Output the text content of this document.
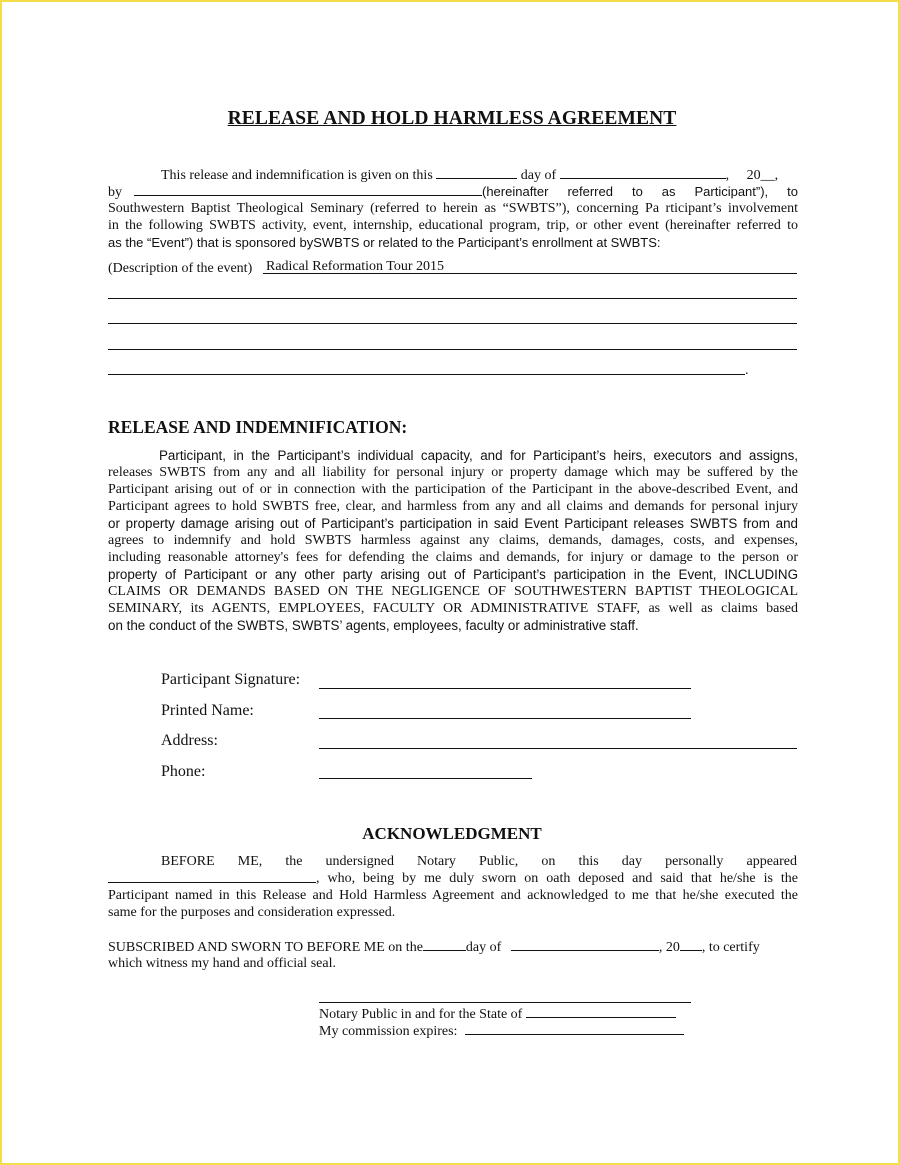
RELEASE AND HOLD HARMLESS AGREEMENT
This release and indemnification is given on this	day of	, 20__,
by	(hereinafter referred to as Participant”), to
Southwestern Baptist Theological Seminary (referred to herein as “SWBTS”), concerning Pa rticipant’s involvement
in the following SWBTS activity, event, internship, educational program, trip, or other event (hereinafter referred to
as the “Event”) that is sponsored bySWBTS or related to the Participant’s enrollment at SWBTS:
(Description of the event) Radical Reformation Tour 2015
.
RELEASE AND INDEMNIFICATION:
Participant, in the Participant’s individual capacity, and for Participant’s heirs, executors and assigns,
releases SWBTS from any and all liability for personal injury or property damage which may be suffered by the
Participant arising out of or in connection with the participation of the Participant in the above-described Event, and
Participant agrees to hold SWBTS free, clear, and harmless from any and all claims and demands for personal injury
or property damage arising out of Participant’s participation in said Event Participant releases SWBTS from and
agrees to indemnify and hold SWBTS harmless against any claims, demands, damages, costs, and expenses,
including reasonable attorney's fees for defending the claims and demands, for injury or damage to the person or
property of Participant or any other party arising out of Participant’s participation in the Event, INCLUDING
CLAIMS OR DEMANDS BASED ON THE NEGLIGENCE OF SOUTHWESTERN BAPTIST THEOLOGICAL
SEMINARY, its AGENTS, EMPLOYEES, FACULTY OR ADMINISTRATIVE STAFF, as well as claims based
on the conduct of the SWBTS, SWBTS’ agents, employees, faculty or administrative staff.
Participant Signature:
Printed Name:
Address:
Phone:
ACKNOWLEDGMENT
BEFORE ME, the undersigned Notary Public, on this day personally appeared
, who, being by me duly sworn on oath deposed and said that he/she is the
Participant named in this Release and Hold Harmless Agreement and acknowledged to me that he/she executed the
same for the purposes and consideration expressed.
SUBSCRIBED AND SWORN TO BEFORE ME on the	day of	, 20 , to certify
which witness my hand and official seal.
Notary Public in and for the State of
My commission expires:
